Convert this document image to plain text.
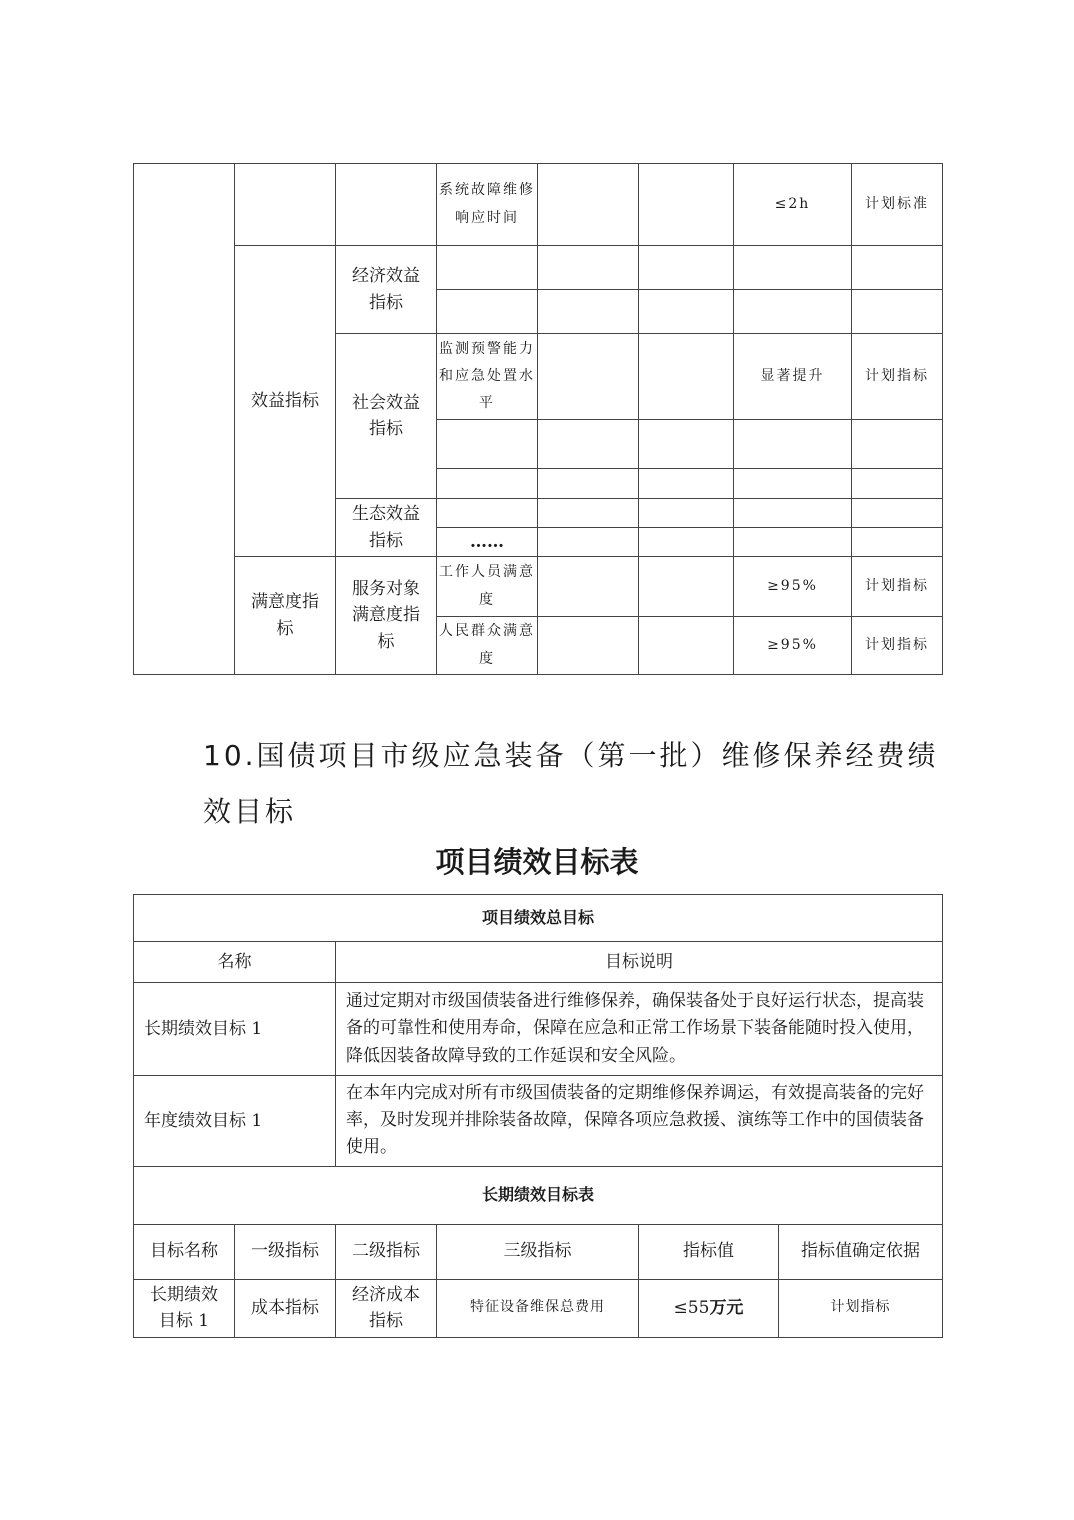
			系统故障维修响应时间			≤2h	计划标准
	效益指标	经济效益指标					

		社会效益指标	监测预警能力和应急处置水平			显著提升	计划指标

		生态效益指标					
			……				
	满意度指标	服务对象满意度指标	工作人员满意度			≥95%	计划指标
			人民群众满意度			≥95%	计划指标
10.国债项目市级应急装备（第一批）维修保养经费绩效目标
项目绩效目标表
项目绩效总目标					
名称		目标说明			
长期绩效目标 1		通过定期对市级国债装备进行维修保养，确保装备处于良好运行状态，提高装备的可靠性和使用寿命，保障在应急和正常工作场景下装备能随时投入使用，降低因装备故障导致的工作延误和安全风险。			
年度绩效目标 1		在本年内完成对所有市级国债装备的定期维修保养调运，有效提高装备的完好率，及时发现并排除装备故障，保障各项应急救援、演练等工作中的国债装备使用。			
长期绩效目标表					
目标名称	一级指标	二级指标	三级指标	指标值	指标值确定依据
长期绩效目标 1	成本指标	经济成本指标	特征设备维保总费用	≤55万元	计划指标
